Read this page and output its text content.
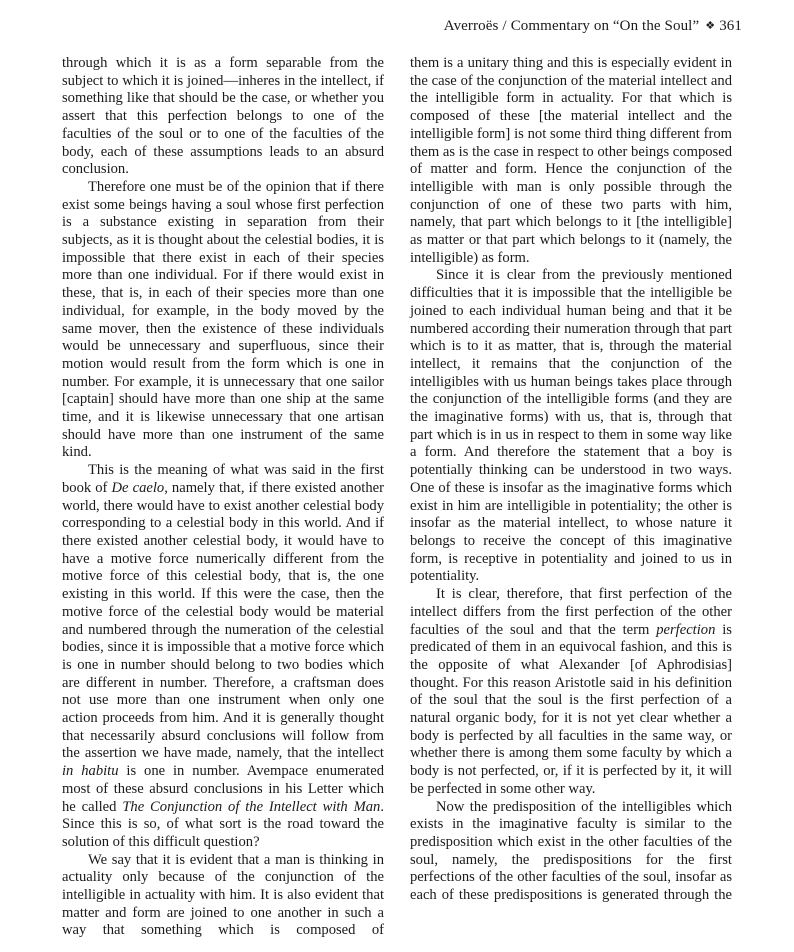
Averroës / Commentary on “On the Soul” ❖ 361

through which it is as a form separable from the subject to which it is joined—inheres in the intellect, if something like that should be the case, or whether you assert that this perfection belongs to one of the faculties of the soul or to one of the faculties of the body, each of these assumptions leads to an absurd conclusion.

Therefore one must be of the opinion that if there exist some beings having a soul whose first perfection is a substance existing in separation from their subjects, as it is thought about the celestial bodies, it is impossible that there exist in each of their species more than one individual. For if there would exist in these, that is, in each of their species more than one individual, for example, in the body moved by the same mover, then the existence of these individuals would be unnecessary and superfluous, since their motion would result from the form which is one in number. For example, it is unnecessary that one sailor [captain] should have more than one ship at the same time, and it is likewise unnecessary that one artisan should have more than one instrument of the same kind.

This is the meaning of what was said in the first book of De caelo, namely that, if there existed another world, there would have to exist another celestial body corresponding to a celestial body in this world. And if there existed another celestial body, it would have to have a motive force numerically different from the motive force of this celestial body, that is, the one existing in this world. If this were the case, then the motive force of the celestial body would be material and numbered through the numeration of the celestial bodies, since it is impossible that a motive force which is one in number should belong to two bodies which are different in number. Therefore, a craftsman does not use more than one instrument when only one action proceeds from him. And it is generally thought that necessarily absurd conclusions will follow from the assertion we have made, namely, that the intellect in habitu is one in number. Avempace enumerated most of these absurd conclusions in his Letter which he called The Conjunction of the Intellect with Man. Since this is so, of what sort is the road toward the solution of this difficult question?

We say that it is evident that a man is thinking in actuality only because of the conjunction of the intelligible in actuality with him. It is also evident that matter and form are joined to one another in such a way that something which is composed of

them is a unitary thing and this is especially evident in the case of the conjunction of the material intellect and the intelligible form in actuality. For that which is composed of these [the material intellect and the intelligible form] is not some third thing different from them as is the case in respect to other beings composed of matter and form. Hence the conjunction of the intelligible with man is only possible through the conjunction of one of these two parts with him, namely, that part which belongs to it [the intelligible] as matter or that part which belongs to it (namely, the intelligible) as form.

Since it is clear from the previously mentioned difficulties that it is impossible that the intelligible be joined to each individual human being and that it be numbered according their numeration through that part which is to it as matter, that is, through the material intellect, it remains that the conjunction of the intelligibles with us human beings takes place through the conjunction of the intelligible forms (and they are the imaginative forms) with us, that is, through that part which is in us in respect to them in some way like a form. And therefore the statement that a boy is potentially thinking can be understood in two ways. One of these is insofar as the imaginative forms which exist in him are intelligible in potentiality; the other is insofar as the material intellect, to whose nature it belongs to receive the concept of this imaginative form, is receptive in potentiality and joined to us in potentiality.

It is clear, therefore, that first perfection of the intellect differs from the first perfection of the other faculties of the soul and that the term perfection is predicated of them in an equivocal fashion, and this is the opposite of what Alexander [of Aphrodisias] thought. For this reason Aristotle said in his definition of the soul that the soul is the first perfection of a natural organic body, for it is not yet clear whether a body is perfected by all faculties in the same way, or whether there is among them some faculty by which a body is not perfected, or, if it is perfected by it, it will be perfected in some other way.

Now the predisposition of the intelligibles which exists in the imaginative faculty is similar to the predisposition which exist in the other faculties of the soul, namely, the predispositions for the first perfections of the other faculties of the soul, insofar as each of these predispositions is generated through the
